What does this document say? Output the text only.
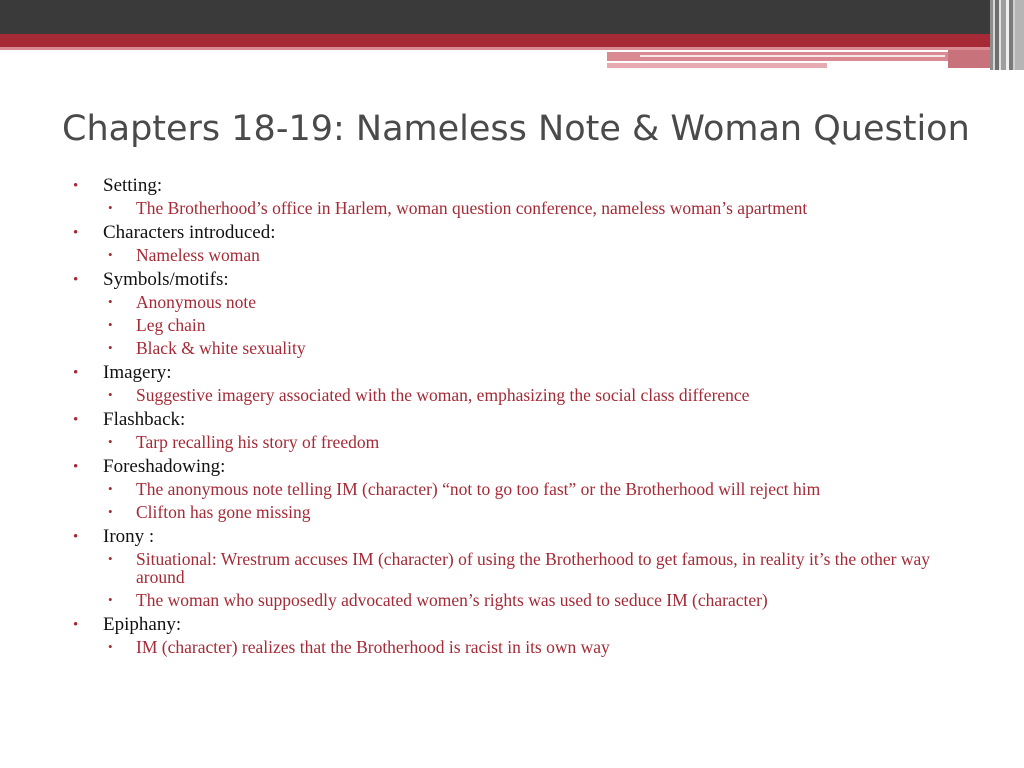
Chapters 18-19: Nameless Note & Woman Question
• Setting:
• The Brotherhood’s office in Harlem, woman question conference, nameless woman’s apartment
• Characters introduced:
• Nameless woman
• Symbols/motifs:
• Anonymous note
• Leg chain
• Black & white sexuality
• Imagery:
• Suggestive imagery associated with the woman, emphasizing the social class difference
• Flashback:
• Tarp recalling his story of freedom
• Foreshadowing:
• The anonymous note telling IM (character) “not to go too fast” or the Brotherhood will reject him
• Clifton has gone missing
• Irony :
• Situational: Wrestrum accuses IM (character) of using the Brotherhood to get famous, in reality it’s the other way around
• The woman who supposedly advocated women’s rights was used to seduce IM (character)
• Epiphany:
• IM (character) realizes that the Brotherhood is racist in its own way
